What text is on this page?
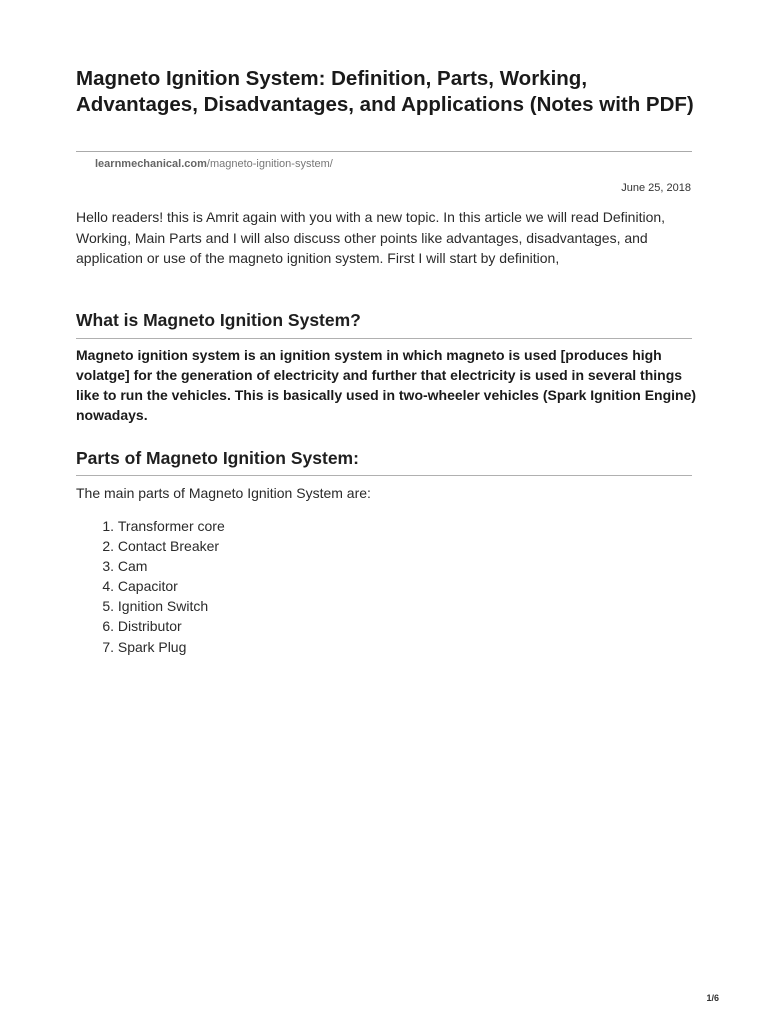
Magneto Ignition System: Definition, Parts, Working, Advantages, Disadvantages, and Applications (Notes with PDF)
learnmechanical.com/magneto-ignition-system/
June 25, 2018

Hello readers! this is Amrit again with you with a new topic. In this article we will read Definition, Working, Main Parts and I will also discuss other points like advantages, disadvantages, and application or use of the magneto ignition system. First I will start by definition,

What is Magneto Ignition System?

Magneto ignition system is an ignition system in which magneto is used [produces high volatge] for the generation of electricity and further that electricity is used in several things like to run the vehicles. This is basically used in two-wheeler vehicles (Spark Ignition Engine) nowadays.

Parts of Magneto Ignition System:

The main parts of Magneto Ignition System are:

1.
Transformer core
2.
Contact Breaker
3.
Cam
4.
Capacitor
5.
Ignition Switch
6.
Distributor
7.
Spark Plug
1/6
